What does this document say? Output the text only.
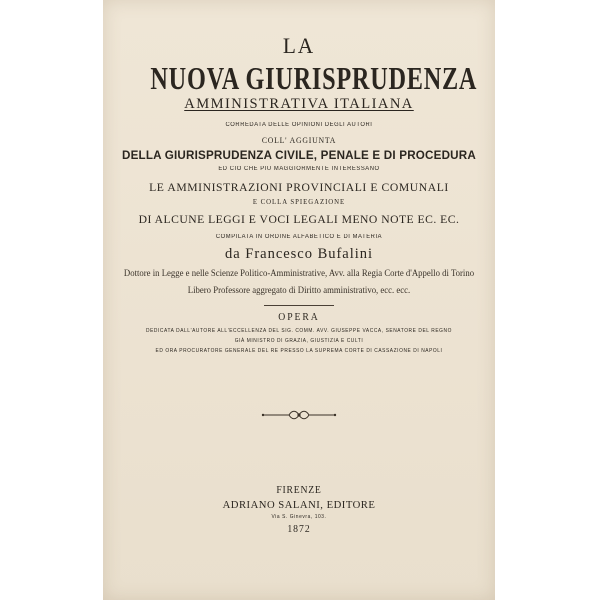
LA
NUOVA GIURISPRUDENZA
AMMINISTRATIVA ITALIANA
CORREDATA DELLE OPINIONI DEGLI AUTORI
COLL' AGGIUNTA
DELLA GIURISPRUDENZA CIVILE, PENALE E DI PROCEDURA
ED CIO CHE PIU MAGGIORMENTE INTERESSANO
LE AMMINISTRAZIONI PROVINCIALI E COMUNALI
E COLLA SPIEGAZIONE
DI ALCUNE LEGGI E VOCI LEGALI MENO NOTE EC. EC.
COMPILATA IN ORDINE ALFABETICO E DI MATERIA
da Francesco Bufalini
Dottore in Legge e nelle Scienze Politico-Amministrative, Avv. alla Regia Corte d'Appello di Torino
Libero Professore aggregato di Diritto amministrativo, ecc. ecc.
OPERA
DEDICATA DALL'AUTORE ALL'ECCELLENZA DEL SIG. COMM. AVV. GIUSEPPE VACCA, SENATORE DEL REGNO
GIÀ MINISTRO DI GRAZIA, GIUSTIZIA E CULTI
ED ORA PROCURATORE GENERALE DEL RE PRESSO LA SUPREMA CORTE DI CASSAZIONE DI NAPOLI
FIRENZE
ADRIANO SALANI, EDITORE
Via S. Ginevra, 103.
1872
